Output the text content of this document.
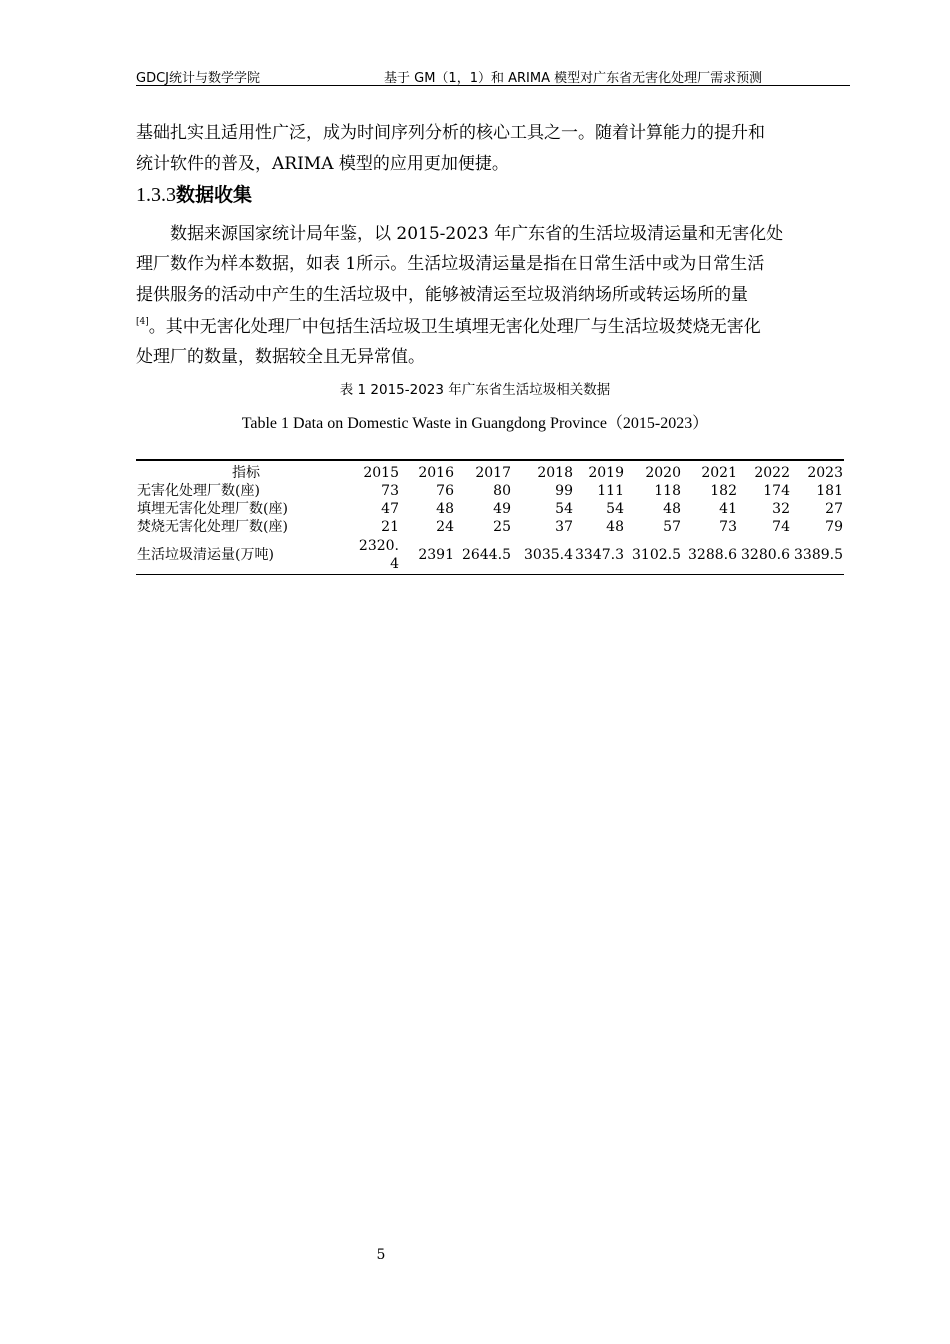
GDCJ统计与数学学院	基于 GM（1，1）和 ARIMA 模型对广东省无害化处理厂需求预测
基础扎实且适用性广泛，成为时间序列分析的核心工具之一。随着计算能力的提升和
统计软件的普及，ARIMA 模型的应用更加便捷。
1.3.3数据收集
数据来源国家统计局年鉴，以 2015-2023 年广东省的生活垃圾清运量和无害化处
理厂数作为样本数据，如表 1所示。生活垃圾清运量是指在日常生活中或为日常生活
提供服务的活动中产生的生活垃圾中，能够被清运至垃圾消纳场所或转运场所的量
[4]。其中无害化处理厂中包括生活垃圾卫生填埋无害化处理厂与生活垃圾焚烧无害化
处理厂的数量，数据较全且无异常值。
表 1 2015-2023 年广东省生活垃圾相关数据
Table 1 Data on Domestic Waste in Guangdong Province（2015-2023）
指标	2015	2016	2017	2018	2019	2020	2021	2022	2023
无害化处理厂数(座)	73	76	80	99	111	118	182	174	181
填埋无害化处理厂数(座)	47	48	49	54	54	48	41	32	27
焚烧无害化处理厂数(座)	21	24	25	37	48	57	73	74	79
生活垃圾清运量(万吨)	2320.4	2391	2644.5	3035.4	3347.3	3102.5	3288.6	3280.6	3389.5
5
